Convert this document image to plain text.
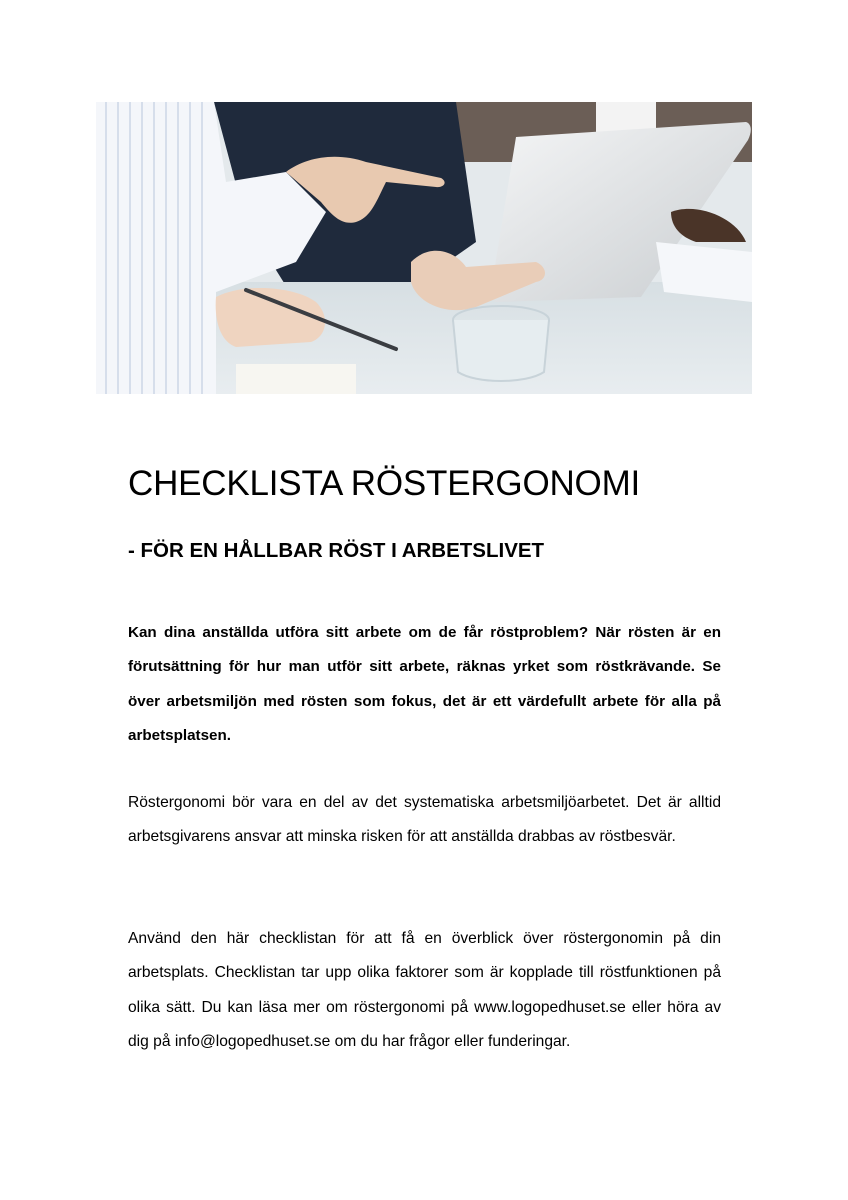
CHECKLISTA RÖSTERGONOMI
- FÖR EN HÅLLBAR RÖST I ARBETSLIVET

Kan dina anställda utföra sitt arbete om de får röstproblem? När rösten är en förutsättning för hur man utför sitt arbete, räknas yrket som röstkrävande. Se över arbetsmiljön med rösten som fokus, det är ett värdefullt arbete för alla på arbetsplatsen.

Röstergonomi bör vara en del av det systematiska arbetsmiljöarbetet. Det är alltid arbetsgivarens ansvar att minska risken för att anställda drabbas av röstbesvär.

Använd den här checklistan för att få en överblick över röstergonomin på din arbetsplats. Checklistan tar upp olika faktorer som är kopplade till röstfunktionen på olika sätt. Du kan läsa mer om röstergonomi på www.logopedhuset.se eller höra av dig på info@logopedhuset.se om du har frågor eller funderingar.
